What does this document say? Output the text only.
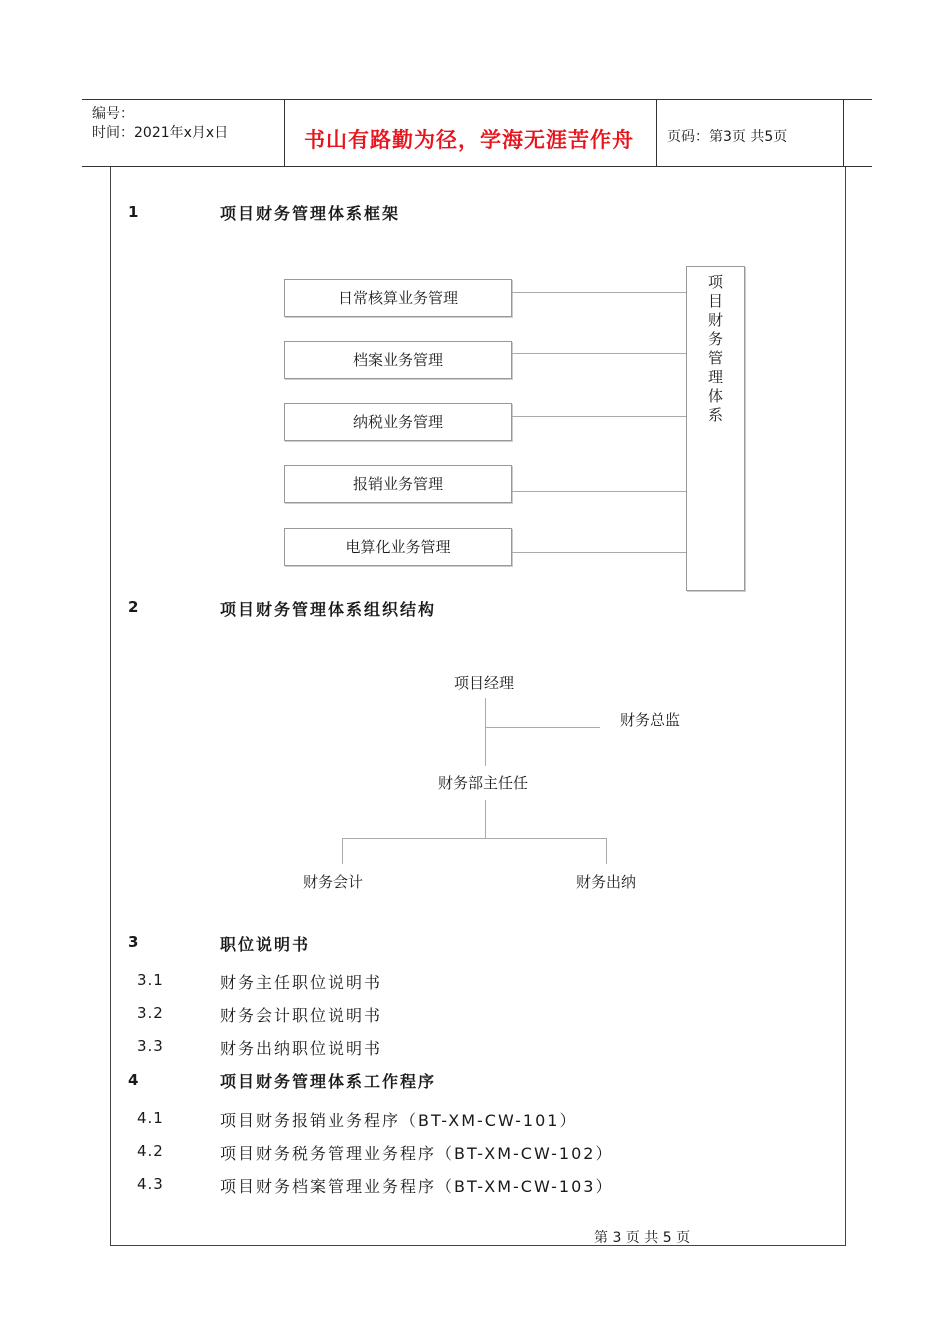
编号：
时间：2021年x月x日	书山有路勤为径，学海无涯苦作舟 页码：第3页 共5页
1	项目财务管理体系框架
日常核算业务管理
档案业务管理
纳税业务管理
报销业务管理
电算化业务管理
项
目
财
务
管
理
体
系
2	项目财务管理体系组织结构
项目经理
财务总监
财务部主任任
财务会计	财务出纳
3	职位说明书
3.1	财务主任职位说明书
3.2	财务会计职位说明书
3.3	财务出纳职位说明书
4	项目财务管理体系工作程序
4.1	项目财务报销业务程序（BT-XM-CW-101）
4.2	项目财务税务管理业务程序（BT-XM-CW-102）
4.3	项目财务档案管理业务程序（BT-XM-CW-103）
第 3 页 共 5 页
